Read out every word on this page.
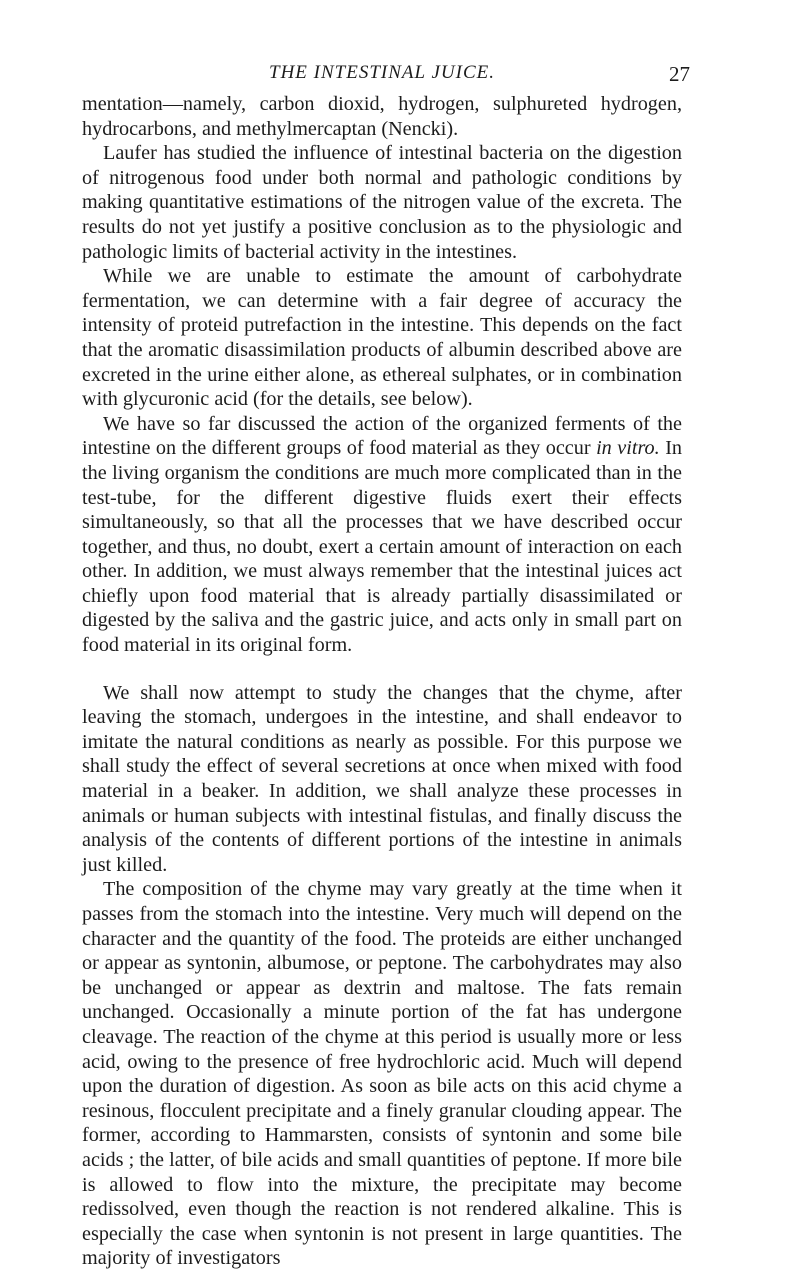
THE INTESTINAL JUICE.	27

mentation—namely, carbon dioxid, hydrogen, sulphureted hydrogen, hydrocarbons, and methylmercaptan (Nencki).

Laufer has studied the influence of intestinal bacteria on the digestion of nitrogenous food under both normal and pathologic conditions by making quantitative estimations of the nitrogen value of the excreta. The results do not yet justify a positive conclusion as to the physiologic and pathologic limits of bacterial activity in the intestines.

While we are unable to estimate the amount of carbohydrate fermentation, we can determine with a fair degree of accuracy the intensity of proteid putrefaction in the intestine. This depends on the fact that the aromatic disassimilation products of albumin described above are excreted in the urine either alone, as ethereal sulphates, or in combination with glycuronic acid (for the details, see below).

We have so far discussed the action of the organized ferments of the intestine on the different groups of food material as they occur in vitro. In the living organism the conditions are much more complicated than in the test-tube, for the different digestive fluids exert their effects simultaneously, so that all the processes that we have described occur together, and thus, no doubt, exert a certain amount of interaction on each other. In addition, we must always remember that the intestinal juices act chiefly upon food material that is already partially disassimilated or digested by the saliva and the gastric juice, and acts only in small part on food material in its original form.

We shall now attempt to study the changes that the chyme, after leaving the stomach, undergoes in the intestine, and shall endeavor to imitate the natural conditions as nearly as possible. For this purpose we shall study the effect of several secretions at once when mixed with food material in a beaker. In addition, we shall analyze these processes in animals or human subjects with intestinal fistulas, and finally discuss the analysis of the contents of different portions of the intestine in animals just killed.

The composition of the chyme may vary greatly at the time when it passes from the stomach into the intestine. Very much will depend on the character and the quantity of the food. The proteids are either unchanged or appear as syntonin, albumose, or peptone. The carbohydrates may also be unchanged or appear as dextrin and maltose. The fats remain unchanged. Occasionally a minute portion of the fat has undergone cleavage. The reaction of the chyme at this period is usually more or less acid, owing to the presence of free hydrochloric acid. Much will depend upon the duration of digestion. As soon as bile acts on this acid chyme a resinous, flocculent precipitate and a finely granular clouding appear. The former, according to Hammarsten, consists of syntonin and some bile acids ; the latter, of bile acids and small quantities of peptone. If more bile is allowed to flow into the mixture, the precipitate may become redissolved, even though the reaction is not rendered alkaline. This is especially the case when syntonin is not present in large quantities. The majority of investigators
